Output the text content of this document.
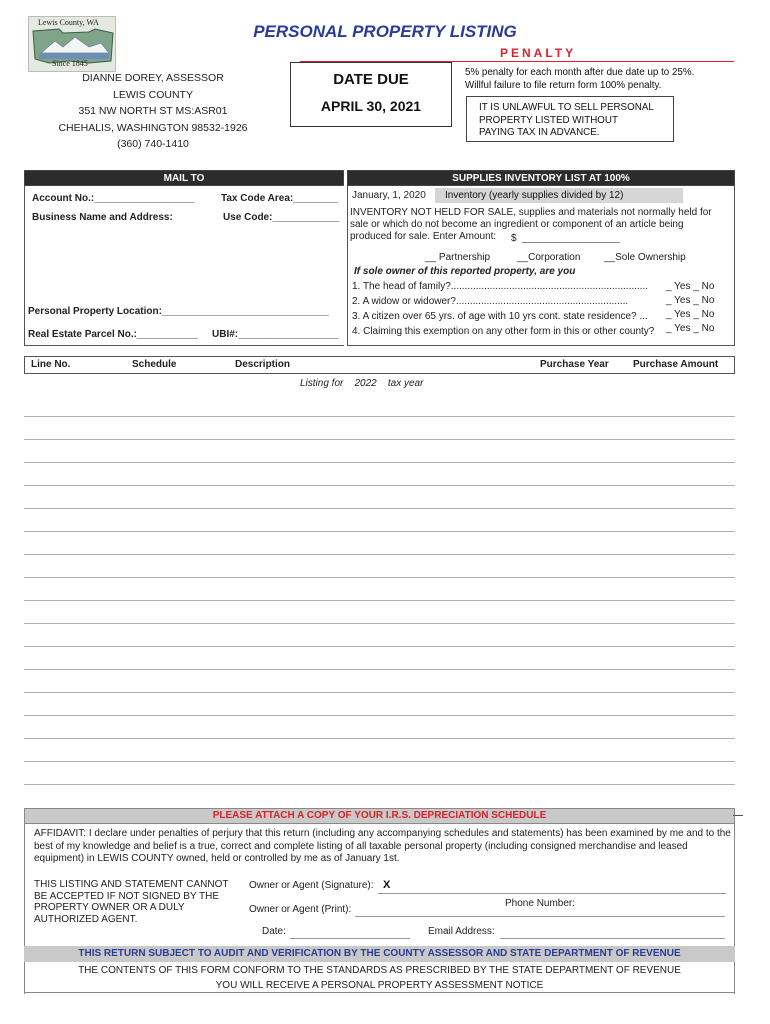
Lewis County, WA
Since 1845
PERSONAL PROPERTY LISTING
PENALTY
DIANNE DOREY, ASSESSOR
LEWIS COUNTY
351 NW NORTH ST MS:ASR01
CHEHALIS, WASHINGTON 98532-1926
(360) 740-1410
DATE DUE
APRIL 30, 2021
5% penalty for each month after due date up to 25%.
Willful failure to file return form 100% penalty.
IT IS UNLAWFUL TO SELL PERSONAL
PROPERTY LISTED WITHOUT
PAYING TAX IN ADVANCE.
MAIL TO	SUPPLIES INVENTORY LIST AT 100%
Account No.:__________________	Tax Code Area:________
Business Name and Address:	Use Code:____________
Personal Property Location:______________________________
Real Estate Parcel No.:___________ UBI#:__________________
January, 1, 2020	Inventory (yearly supplies divided by 12)
INVENTORY NOT HELD FOR SALE, supplies and materials not normally held for
sale or which do not become an ingredient or component of an article being
produced for sale. Enter Amount:	$
__ Partnership	__Corporation __Sole Ownership
If sole owner of this reported property, are you
1. The head of family?....................................................................... _ Yes _ No
2. A widow or widower?..............................................................	_ Yes _ No
3. A citizen over 65 yrs. of age with 10 yrs cont. state residence? ... _ Yes _ No
4. Claiming this exemption on any other form in this or other county? _ Yes _ No
Line No.	Schedule	Description	Purchase Year Purchase Amount
Listing for 2022 tax year
PLEASE ATTACH A COPY OF YOUR I.R.S. DEPRECIATION SCHEDULE
AFFIDAVIT: I declare under penalties of perjury that this return (including any accompanying schedules and statements) has been examined by me and to the best of my knowledge and belief is a true, correct and complete listing of all taxable personal property (including consigned merchandise and leased equipment) in LEWIS COUNTY owned, held or controlled by me as of January 1st.
THIS LISTING AND STATEMENT CANNOT BE ACCEPTED IF NOT SIGNED BY THE PROPERTY OWNER OR A DULY AUTHORIZED AGENT.
Owner or Agent (Signature): X
Owner or Agent (Print):
Phone Number:
Date:	Email Address:
THIS RETURN SUBJECT TO AUDIT AND VERIFICATION BY THE COUNTY ASSESSOR AND STATE DEPARTMENT OF REVENUE
THE CONTENTS OF THIS FORM CONFORM TO THE STANDARDS AS PRESCRIBED BY THE STATE DEPARTMENT OF REVENUE
YOU WILL RECEIVE A PERSONAL PROPERTY ASSESSMENT NOTICE
